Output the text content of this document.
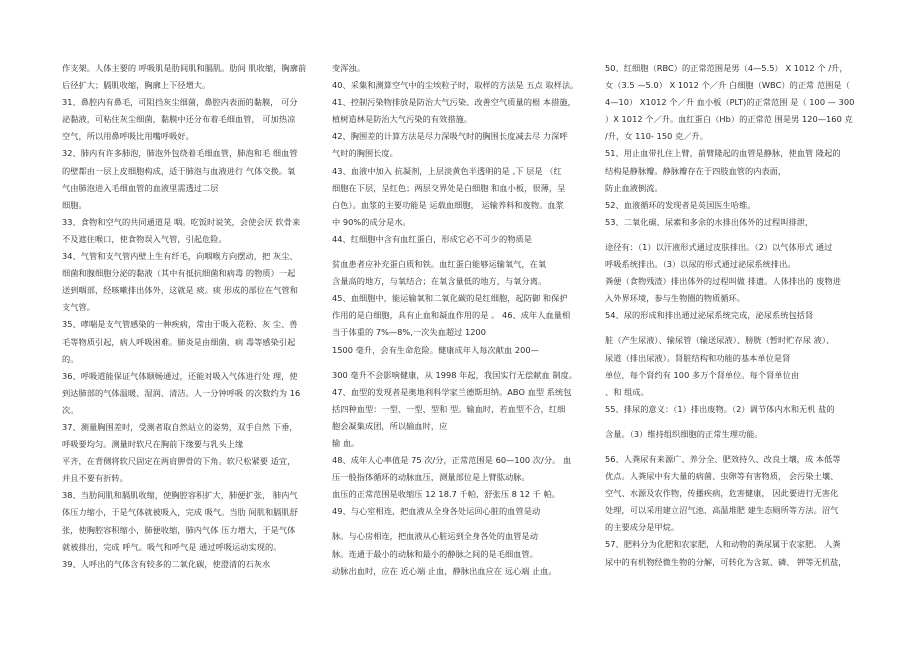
作支架。人体主要的 呼吸肌是肋间肌和膈肌。肋间 肌收缩，胸廓前

后径扩大；膈肌收缩，胸廓上下径增大。

31、鼻腔内有鼻毛，可阻挡灰尘细菌，鼻腔内表面的黏膜， 可分

泌黏液，可粘住灰尘细菌，黏膜中还分布着毛细血管， 可加热凉

空气，所以用鼻呼吸比用嘴呼吸好。

32、肺内有许多肺泡，肺泡外包绕着毛细血管，肺泡和毛 细血管

的壁都由一层上皮细胞构成，适于肺泡与血液进行 气体交换。氧

气由肺泡进入毛细血管的血液里需透过二层

细胞。

33、食物和空气的共同通道是 咽。吃饭时说笑，会使会厌 软骨来

不及遮住喉口，使食物误入气管，引起危险。

34、气管和支气管内壁上生有纤毛，向咽喉方向摆动，把 灰尘、

细菌和腺细胞分泌的黏液（其中有抵抗细菌和病毒 的物质）一起

送到咽部，经咳嗽排出体外，这就是 痰。痰 形成的部位在气管和

支气管。

35、哮喘是支气管感染的一种疾病，常由于吸入花粉、灰 尘、兽

毛等物质引起，病人呼吸困难。肺炎是由细菌、病 毒等感染引起

的。

36、呼吸道能保证气体顺畅通过，还能对吸入气体进行处 理，使

到达肺部的气体温暖、湿润、清洁。人一分钟呼吸 的次数约为 16

次。

37、测量胸围差时，受测者取自然站立的姿势，双手自然 下垂，

呼吸要均匀。测量时软尺在胸前下缘要与乳头上缘

平齐，在背侧将软尺固定在两肩胛骨的下角。软尺松紧要 适宜，

并且不要有折转。

38、当肋间肌和膈肌收缩，使胸腔容积扩大，肺便扩张， 肺内气

体压力缩小，于是气体就被吸入，完成 吸气。当肋 间肌和膈肌舒

张，使胸腔容积缩小，肺便收缩，肺内气体 压力增大，于是气体

就被排出，完成 呼气。吸气和呼气是 通过呼吸运动实现的。

39、人呼出的气体含有较多的二氧化碳，使澄清的石灰水

变浑浊。

40、采集和测算空气中的尘埃粒子时，取样的方法是 五点 取样法。

41、控制污染物排放是防治大气污染、改善空气质量的根 本措施，

植树造林是防治大气污染的有效措施。

42、胸围差的计算方法是尽力深吸气时的胸围长度减去尽 力深呼

气时的胸围长度。

43、血液中加入 抗凝剂，上层淡黄色半透明的是 ,下 层是 （红

细胞在下层，呈红色；两层交界处是白细胞 和血小板，很薄，呈

白色）。血浆的主要功能是 运载血细胞， 运输养料和废物。血浆

中 90%的成分是水。

44、红细胞中含有血红蛋白，形成它必不可少的物质是

贫血患者应补充蛋白质和铁。血红蛋白能够运输氧气，在氧

含量高的地方，与氧结合；在氧含量低的地方，与氧分离。

45、血细胞中，能运输氧和二氧化碳的是红细胞，起防御 和保护

作用的是白细胞，具有止血和凝血作用的是 。 46、成年人血量相

当于体重的 7%—8%,一次失血超过 1200

1500 毫升，会有生命危险。健康成年人每次献血 200—

300 毫升不会影响健康，从 1998 年起，我国实行无偿献血 制度。

47、血型的发现者是奥地利科学家兰德斯坦纳。ABO 血型 系统包

括四种血型：一型、一型、型和 型。输血时，若血型不合，红细

胞会凝集成团，所以输血时，应

输 血。

48、成年人心率值是 75 次/分，正常范围是 60—100 次/分。 血

压一般指体循环的动脉血压，测量部位是上臂肱动脉。

血压的正常范围是收缩压 12 18.7 千帕，舒张压 8 12 千 帕。

49、与心室相连，把血液从全身各处运回心脏的血管是动

脉。与心房相连，把血液从心脏运到全身各处的血管是动

脉。连通于最小的动脉和最小的静脉之间的是毛细血管。

动脉出血时，应在 近心端 止血，静脉出血应在 远心端 止血。

50、红细胞（RBC）的正常范围是男（4—5.5） X 1012 个 /升，

女（3.5 —5.0） X 1012 个／升 白细胞（WBC）的正常 范围是（

4—10） X1012 个／升 血小板（PLT)的正常范围 是（ 100 — 300

）X 1012 个／升。血红蛋白（Hb）的正常范 围是男 120—160 克

/升，女 110- 150 克／升。

51、用止血带扎住上臂，前臂隆起的血管是静脉，使血管 隆起的

结构是静脉瓣。静脉瓣存在于四肢血管的内表面，

防止血液倒流。

52、血液循环的发现者是英国医生哈维。

53、二氧化碳、尿素和多余的水排出体外的过程叫排泄，

途径有：（1）以汗液形式通过皮肤排出。（2）以气体形式 通过

呼吸系统排出。（3）以尿的形式通过泌尿系统排出。

粪便（食物残渣）排出体外的过程叫做 排遗。人体排出的 废物进

入外界环境，参与生物圈的物质循环。

54、尿的形成和排出通过泌尿系统完成，泌尿系统包括肾

脏（产生尿液）、输尿管（输送尿液）、膀胱（暂时贮存尿 液）、

尿道（排出尿液）。肾脏结构和功能的基本单位是肾

单位，每个肾约有 100 多万个肾单位。每个肾单位由

、和 组成。

55、排尿的意义：（1）排出废物。（2）调节体内水和无机 盐的

含量。（3）维持组织细胞的正常生理功能。

56、人粪尿有来源广、养分全、肥效持久、改良土壤，成 本低等

优点。人粪尿中有大量的病菌、虫卵等有害物质， 会污染土壤、

空气、水源及农作物，传播疾病，危害健康， 因此要进行无害化

处理，可以采用建立沼气池、高温堆肥 建生态厕所等方法。沼气

的主要成分是甲烷。

57、肥料分为化肥和农家肥，人和动物的粪尿属于农家肥。 人粪

尿中的有机物经微生物的分解，可转化为含氮、磷、 钾等无机盐，
